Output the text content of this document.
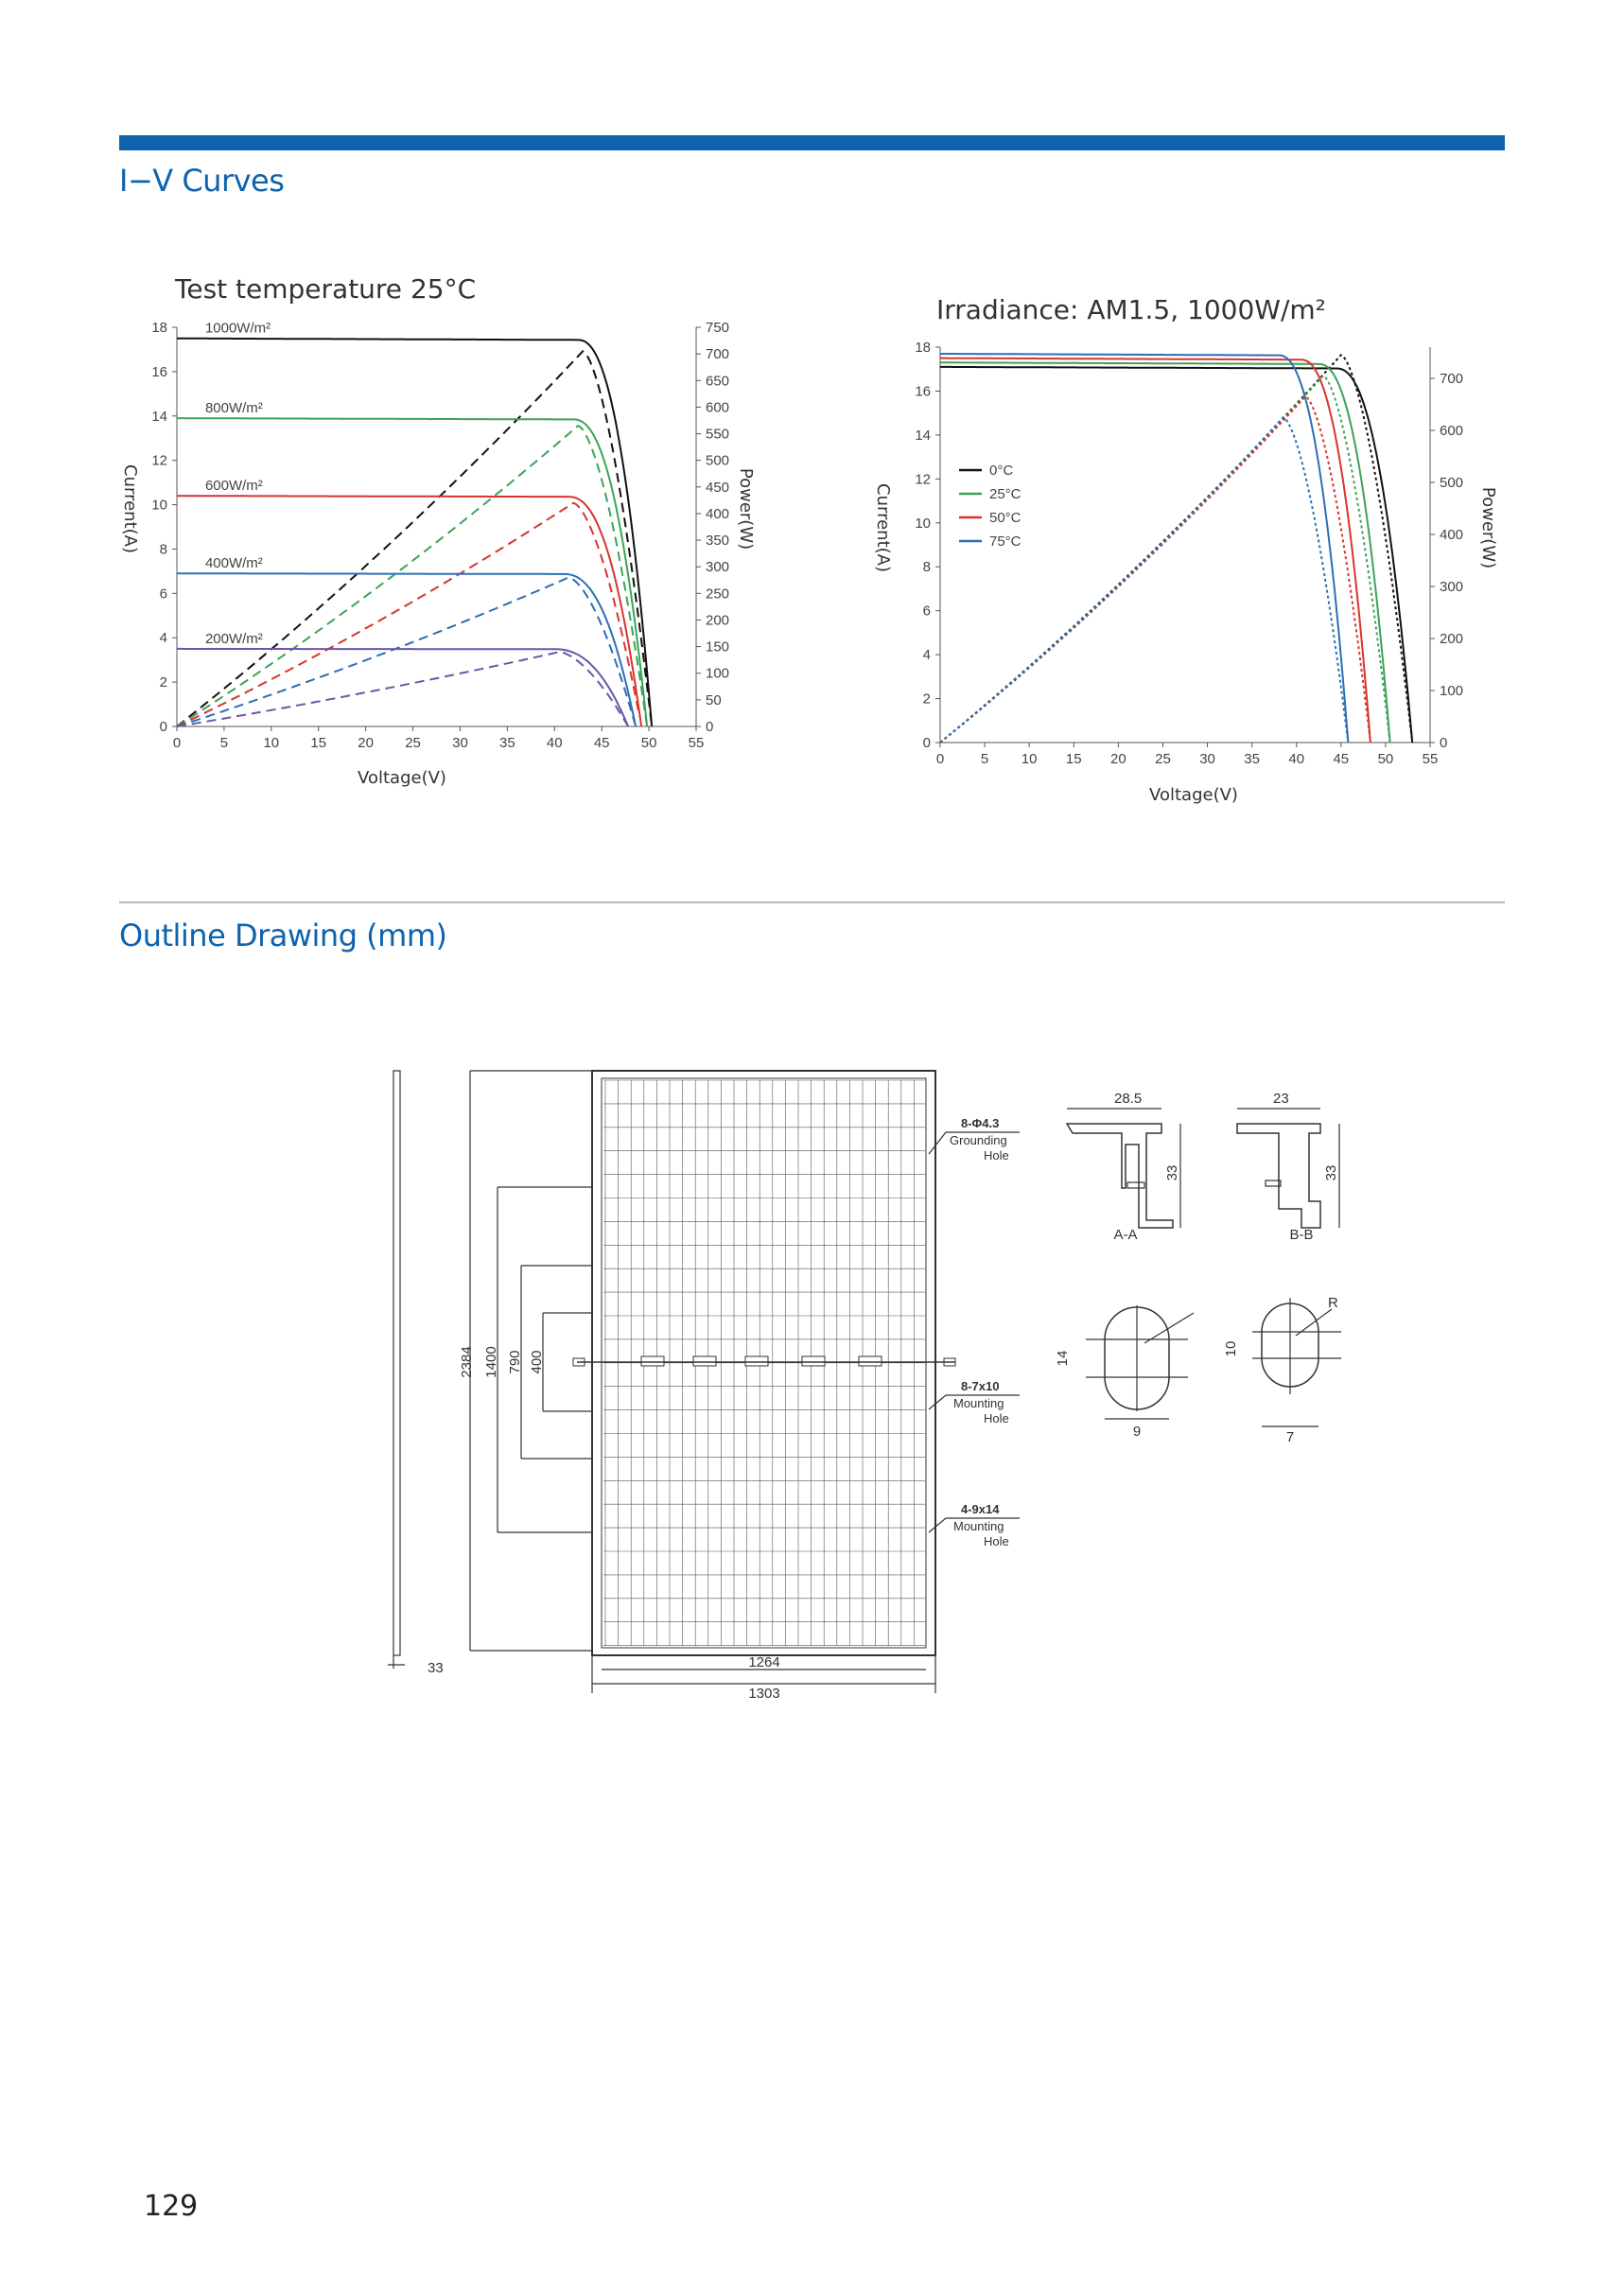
I−V Curves
Test temperature 25°C
0	5 10 15 20 25 30 35 40 45 50 55
0
2
4
6
8
10
12
14
16
18
0
50
100
150
200
250
300
350
400
450
500
550
600
650
700
750
1000W/m²
800W/m²
600W/m²
400W/m²
200W/m²
Voltage(V)
Current(A)	Power(W)
Irradiance: AM1.5, 1000W/m²
0	5 10 15 20 25 30 35 40 45 50 55
0
2
4
6
8
10
12
14
16
18
0
100
200
300
400
500
600
700
0°C
25°C
50°C
75°C
Voltage(V)
Current(A)	Power(W)
Outline Drawing (mm)
33
2384 1400 790 400
1264
1303
28.5
33
A-A
23
33
B-B
14
9
10
7
R
8-Φ4.3
Grounding
Hole
8-7x10
Mounting
Hole
4-9x14
Mounting
Hole
129
